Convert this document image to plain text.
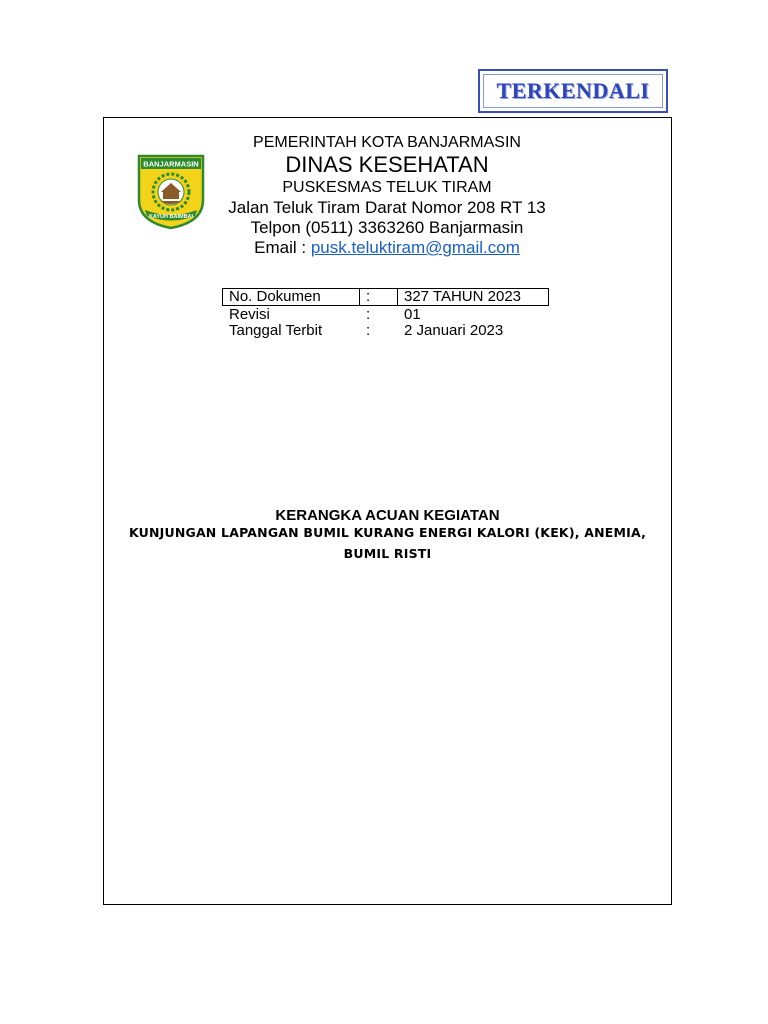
TERKENDALI
BANJARMASIN
KAYUH BAIMBAI
PEMERINTAH KOTA BANJARMASIN
DINAS KESEHATAN
PUSKESMAS TELUK TIRAM
Jalan Teluk Tiram Darat Nomor 208 RT 13
Telpon (0511) 3363260 Banjarmasin
Email : pusk.teluktiram@gmail.com
No. Dokumen	: 327 TAHUN 2023
Revisi	: 01
Tanggal Terbit	: 2 Januari 2023
KERANGKA ACUAN KEGIATAN
KUNJUNGAN LAPANGAN BUMIL KURANG ENERGI KALORI (KEK), ANEMIA,
BUMIL RISTI
